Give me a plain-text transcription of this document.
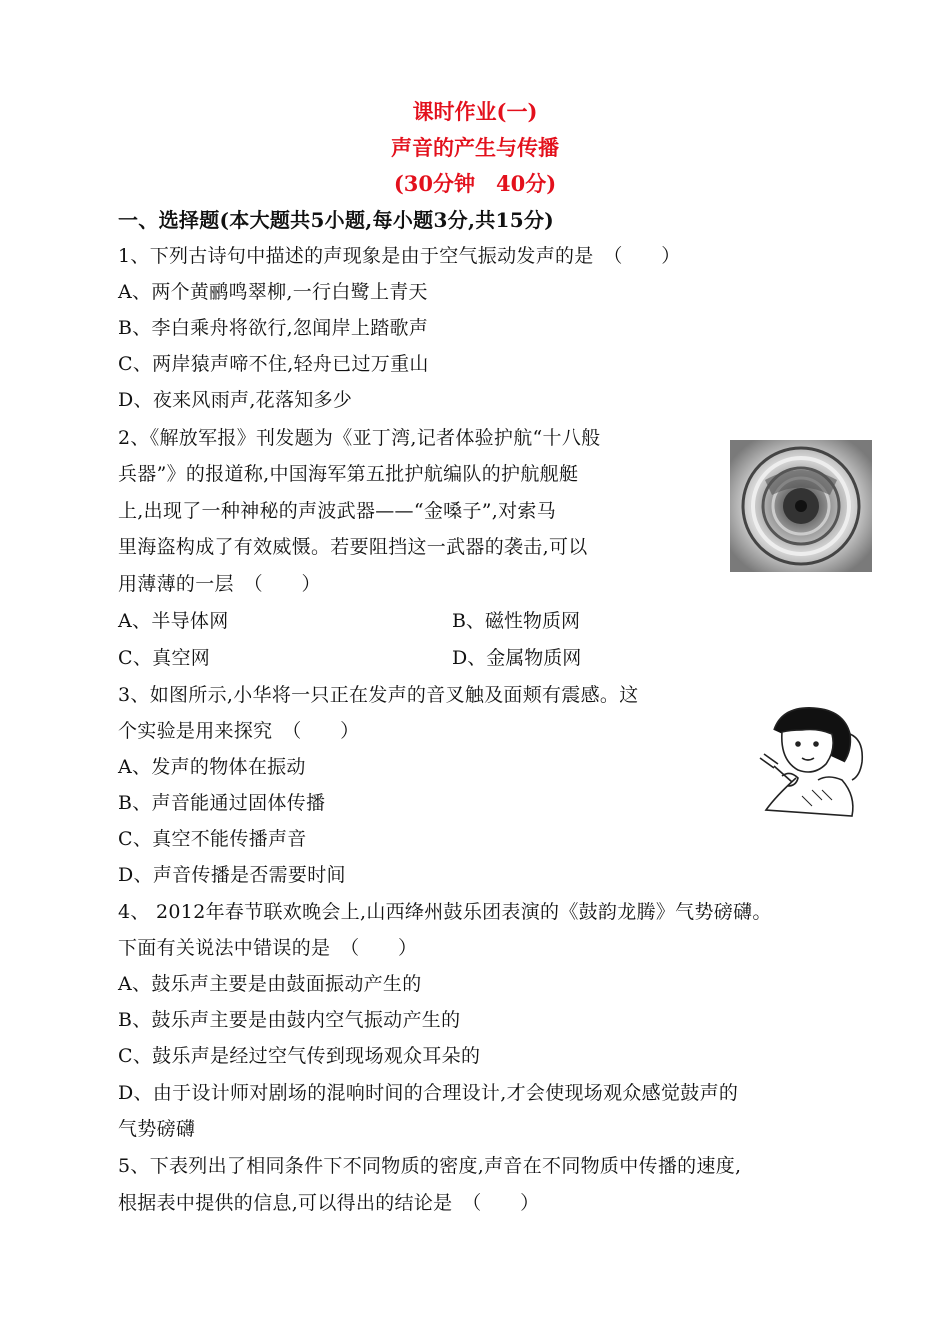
课时作业(一)
声音的产生与传播
(30分钟　40分)
一、选择题(本大题共5小题,每小题3分,共15分)
1、下列古诗句中描述的声现象是由于空气振动发声的是　（　　）
A、两个黄鹂鸣翠柳,一行白鹭上青天
B、李白乘舟将欲行,忽闻岸上踏歌声
C、两岸猿声啼不住,轻舟已过万重山
D、夜来风雨声,花落知多少
2、《解放军报》刊发题为《亚丁湾,记者体验护航“十八般
兵器”》的报道称,中国海军第五批护航编队的护航舰艇
上,出现了一种神秘的声波武器——“金嗓子”,对索马
里海盗构成了有效威慑。若要阻挡这一武器的袭击,可以
用薄薄的一层　（　　）
A、半导体网	B、磁性物质网
C、真空网	D、金属物质网
3、如图所示,小华将一只正在发声的音叉触及面颊有震感。这
个实验是用来探究　（　　）
A、发声的物体在振动
B、声音能通过固体传播
C、真空不能传播声音
D、声音传播是否需要时间
4、 2012年春节联欢晚会上,山西绛州鼓乐团表演的《鼓韵龙腾》气势磅礴。
下面有关说法中错误的是　（　　）
A、鼓乐声主要是由鼓面振动产生的
B、鼓乐声主要是由鼓内空气振动产生的
C、鼓乐声是经过空气传到现场观众耳朵的
D、由于设计师对剧场的混响时间的合理设计,才会使现场观众感觉鼓声的
气势磅礴
5、下表列出了相同条件下不同物质的密度,声音在不同物质中传播的速度,
根据表中提供的信息,可以得出的结论是　（　　）
